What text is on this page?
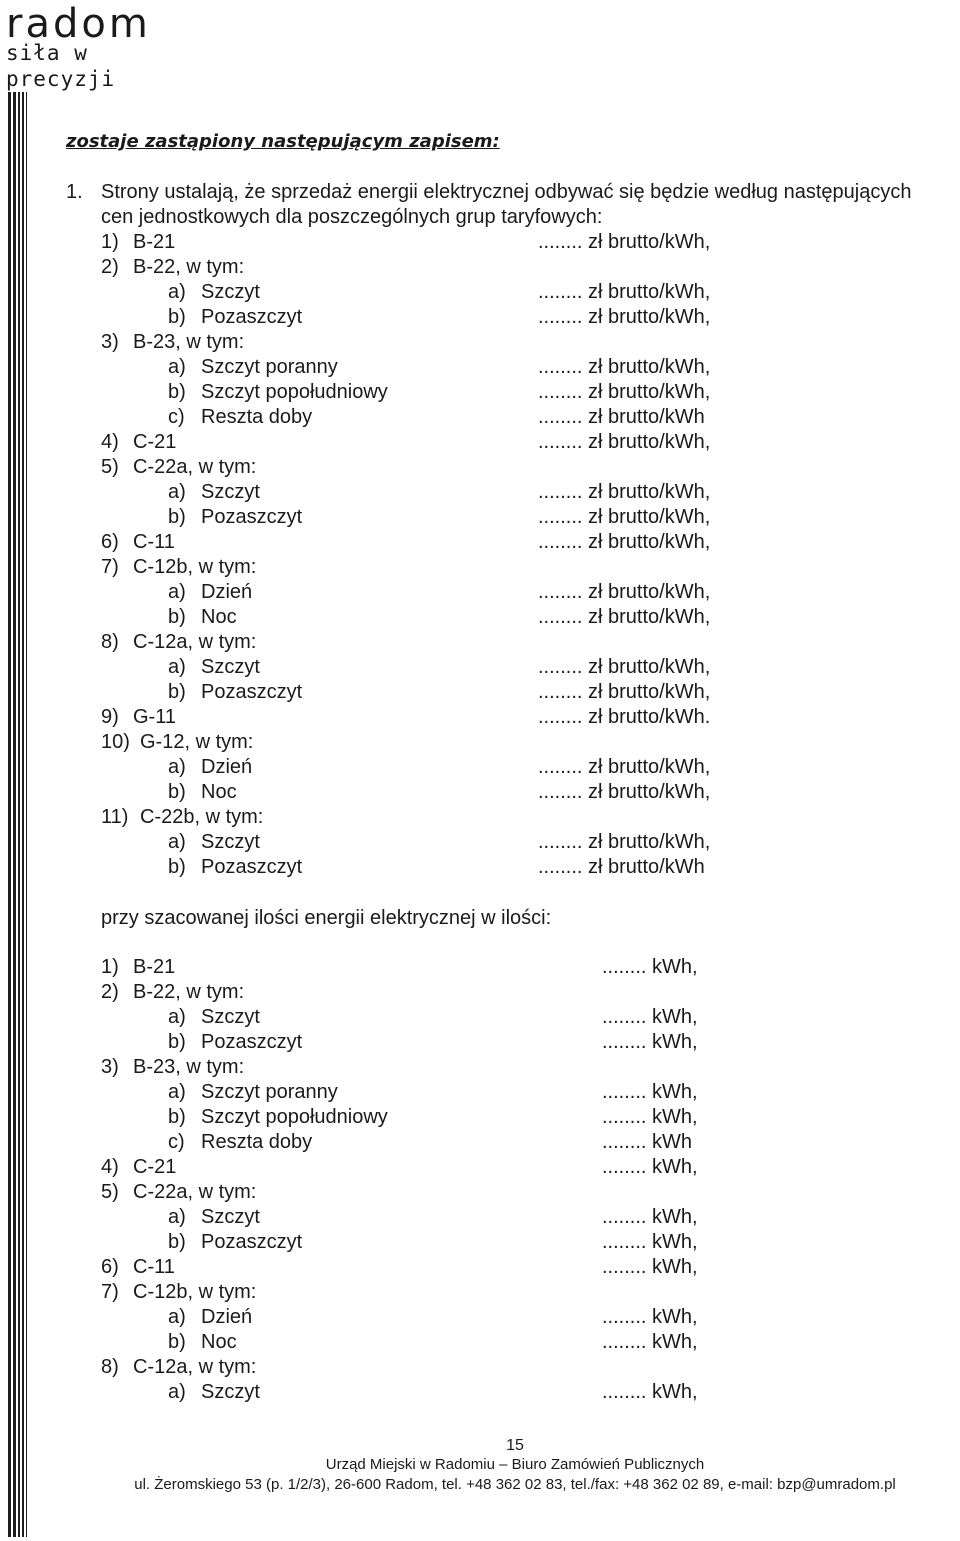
radom
siła w precyzji
zostaje zastąpiony następującym zapisem:
1. Strony ustalają, że sprzedaż energii elektrycznej odbywać się będzie według następujących
cen jednostkowych dla poszczególnych grup taryfowych:
1) B-21	........ zł brutto/kWh,
2) B-22, w tym:
a) Szczyt	........ zł brutto/kWh,
b) Pozaszczyt	........ zł brutto/kWh,
3) B-23, w tym:
a) Szczyt poranny	........ zł brutto/kWh,
b) Szczyt popołudniowy	........ zł brutto/kWh,
c) Reszta doby	........ zł brutto/kWh
4) C-21	........ zł brutto/kWh,
5) C-22a, w tym:
a) Szczyt	........ zł brutto/kWh,
b) Pozaszczyt	........ zł brutto/kWh,
6) C-11	........ zł brutto/kWh,
7) C-12b, w tym:
a) Dzień	........ zł brutto/kWh,
b) Noc	........ zł brutto/kWh,
8) C-12a, w tym:
a) Szczyt	........ zł brutto/kWh,
b) Pozaszczyt	........ zł brutto/kWh,
9) G-11	........ zł brutto/kWh.
10) G-12, w tym:
a) Dzień	........ zł brutto/kWh,
b) Noc	........ zł brutto/kWh,
11) C-22b, w tym:
a) Szczyt	........ zł brutto/kWh,
b) Pozaszczyt	........ zł brutto/kWh
przy szacowanej ilości energii elektrycznej w ilości:
1) B-21	........ kWh,
2) B-22, w tym:
a) Szczyt	........ kWh,
b) Pozaszczyt	........ kWh,
3) B-23, w tym:
a) Szczyt poranny	........ kWh,
b) Szczyt popołudniowy	........ kWh,
c) Reszta doby	........ kWh
4) C-21	........ kWh,
5) C-22a, w tym:
a) Szczyt	........ kWh,
b) Pozaszczyt	........ kWh,
6) C-11	........ kWh,
7) C-12b, w tym:
a) Dzień	........ kWh,
b) Noc	........ kWh,
8) C-12a, w tym:
a) Szczyt	........ kWh,
15
Urząd Miejski w Radomiu – Biuro Zamówień Publicznych
ul. Żeromskiego 53 (p. 1/2/3), 26-600 Radom, tel. +48 362 02 83, tel./fax: +48 362 02 89, e-mail: bzp@umradom.pl
